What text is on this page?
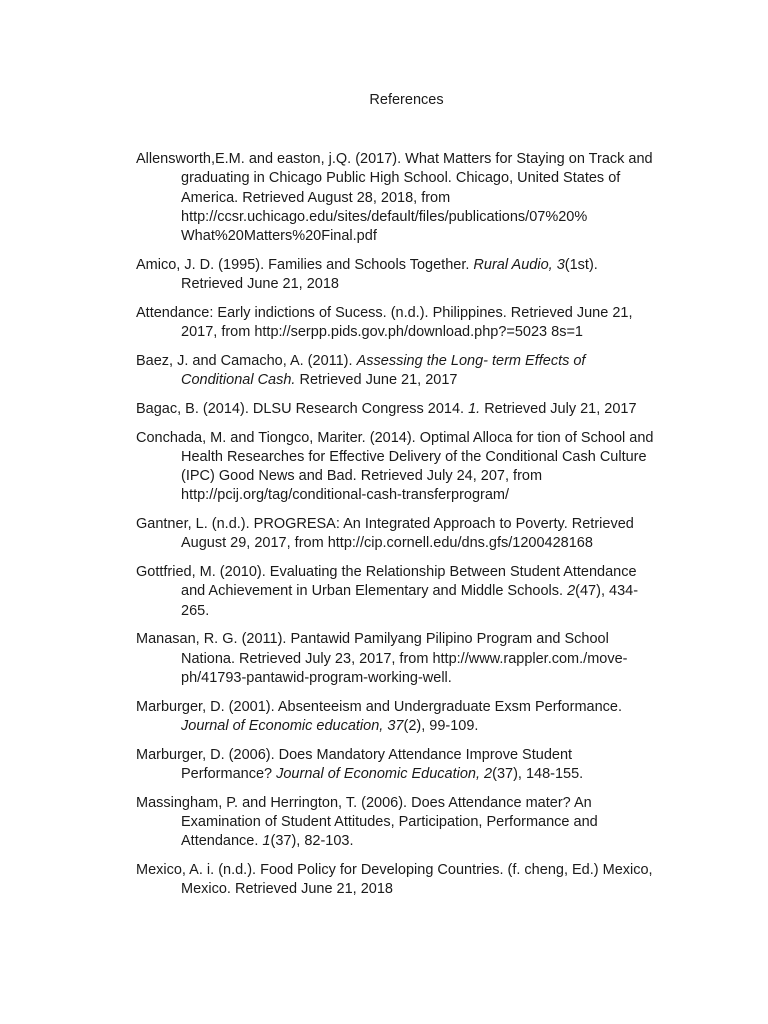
References
Allensworth,E.M. and easton, j.Q. (2017). What Matters for Staying on Track and
graduating in Chicago Public High School. Chicago, United States of
America. Retrieved August 28, 2018, from
http://ccsr.uchicago.edu/sites/default/files/publications/07%20%
What%20Matters%20Final.pdf
Amico, J. D. (1995). Families and Schools Together. Rural Audio, 3(1st).
Retrieved June 21, 2018
Attendance: Early indictions of Sucess. (n.d.). Philippines. Retrieved June 21,
2017, from http://serpp.pids.gov.ph/download.php?=5023 8s=1
Baez, J. and Camacho, A. (2011). Assessing the Long- term Effects of
Conditional Cash. Retrieved June 21, 2017
Bagac, B. (2014). DLSU Research Congress 2014. 1. Retrieved July 21, 2017
Conchada, M. and Tiongco, Mariter. (2014). Optimal Alloca for tion of School and
Health Researches for Effective Delivery of the Conditional Cash Culture
(IPC) Good News and Bad. Retrieved July 24, 207, from
http://pcij.org/tag/conditional-cash-transferprogram/
Gantner, L. (n.d.). PROGRESA: An Integrated Approach to Poverty. Retrieved
August 29, 2017, from http://cip.cornell.edu/dns.gfs/1200428168
Gottfried, M. (2010). Evaluating the Relationship Between Student Attendance
and Achievement in Urban Elementary and Middle Schools. 2(47), 434-
265.
Manasan, R. G. (2011). Pantawid Pamilyang Pilipino Program and School
Nationa. Retrieved July 23, 2017, from http://www.rappler.com./move-
ph/41793-pantawid-program-working-well.
Marburger, D. (2001). Absenteeism and Undergraduate Exsm Performance.
Journal of Economic education, 37(2), 99-109.
Marburger, D. (2006). Does Mandatory Attendance Improve Student
Performance? Journal of Economic Education, 2(37), 148-155.
Massingham, P. and Herrington, T. (2006). Does Attendance mater? An
Examination of Student Attitudes, Participation, Performance and
Attendance. 1(37), 82-103.
Mexico, A. i. (n.d.). Food Policy for Developing Countries. (f. cheng, Ed.) Mexico,
Mexico. Retrieved June 21, 2018
